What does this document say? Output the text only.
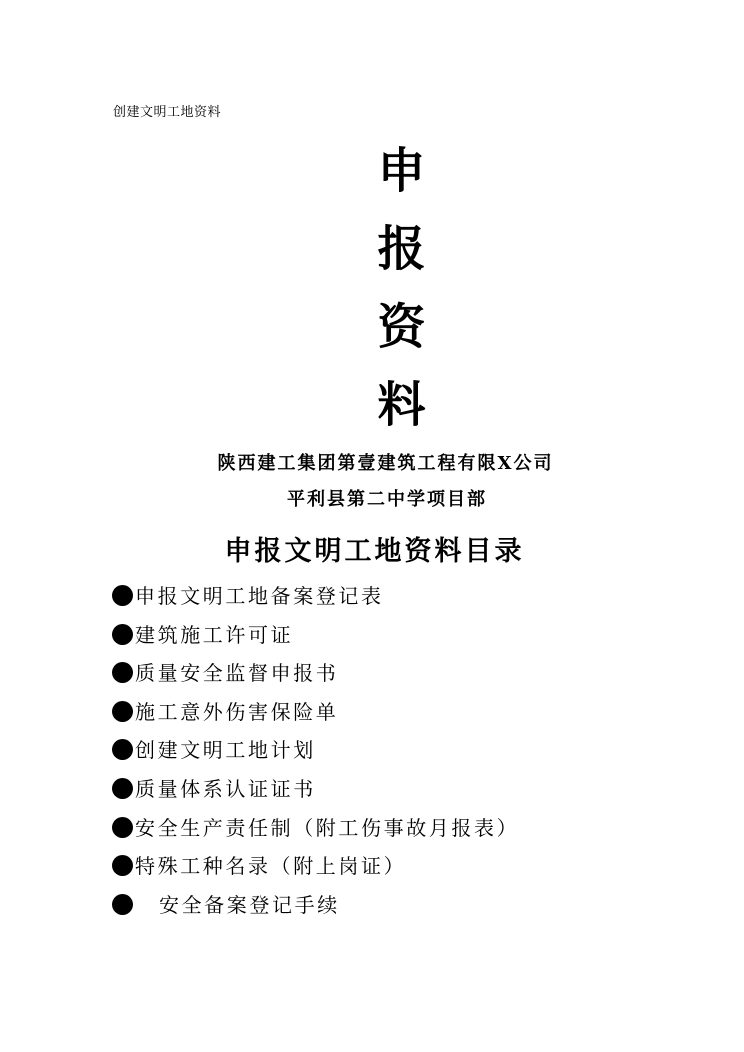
创建文明工地资料
申
报
资
料
陕西建工集团第壹建筑工程有限X公司
平利县第二中学项目部
申报文明工地资料目录
申报文明工地备案登记表
建筑施工许可证
质量安全监督申报书
施工意外伤害保险单
创建文明工地计划
质量体系认证证书
安全生产责任制（附工伤事故月报表）
特殊工种名录（附上岗证）
安全备案登记手续
